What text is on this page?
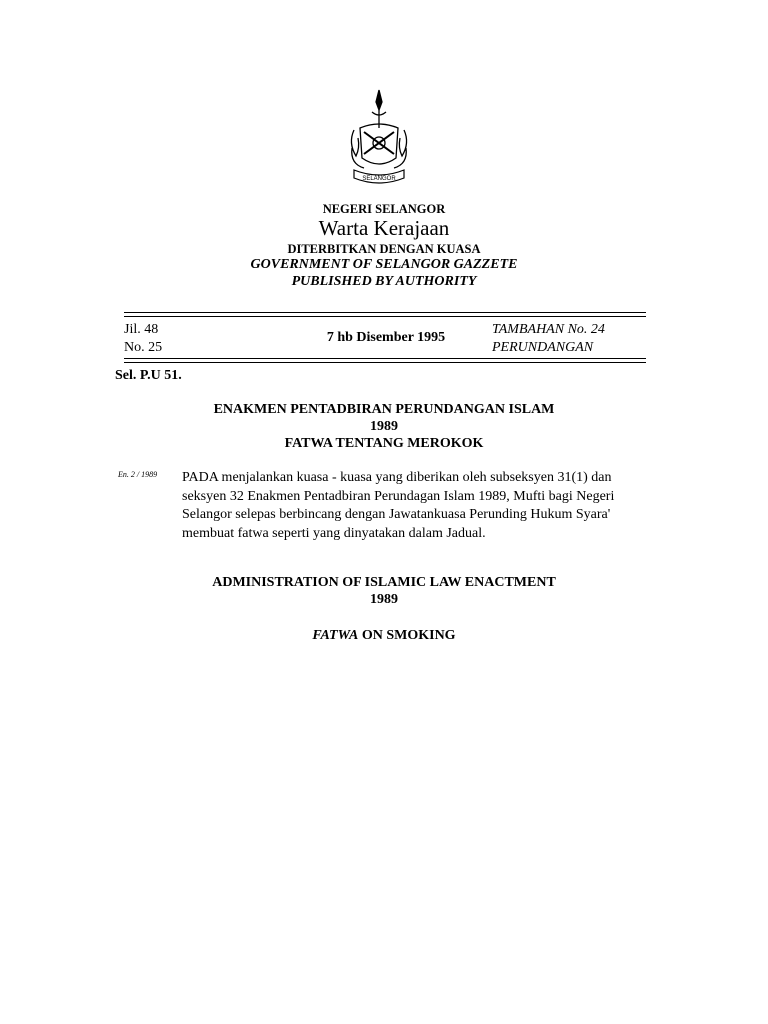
SELANGOR
NEGERI SELANGOR
Warta Kerajaan
DITERBITKAN DENGAN KUASA
GOVERNMENT OF SELANGOR GAZZETE
PUBLISHED BY AUTHORITY
Jil. 48
No. 25
7 hb Disember 1995
TAMBAHAN No. 24
PERUNDANGAN
Sel. P.U 51.
ENAKMEN PENTADBIRAN PERUNDANGAN ISLAM
1989
FATWA TENTANG MEROKOK
En. 2 / 1989 PADA menjalankan kuasa - kuasa yang diberikan oleh subseksyen 31(1) dan
seksyen 32 Enakmen Pentadbiran Perundagan Islam 1989, Mufti bagi Negeri
Selangor selepas berbincang dengan Jawatankuasa Perunding Hukum Syara'
membuat fatwa seperti yang dinyatakan dalam Jadual.
ADMINISTRATION OF ISLAMIC LAW ENACTMENT
1989
FATWA ON SMOKING
